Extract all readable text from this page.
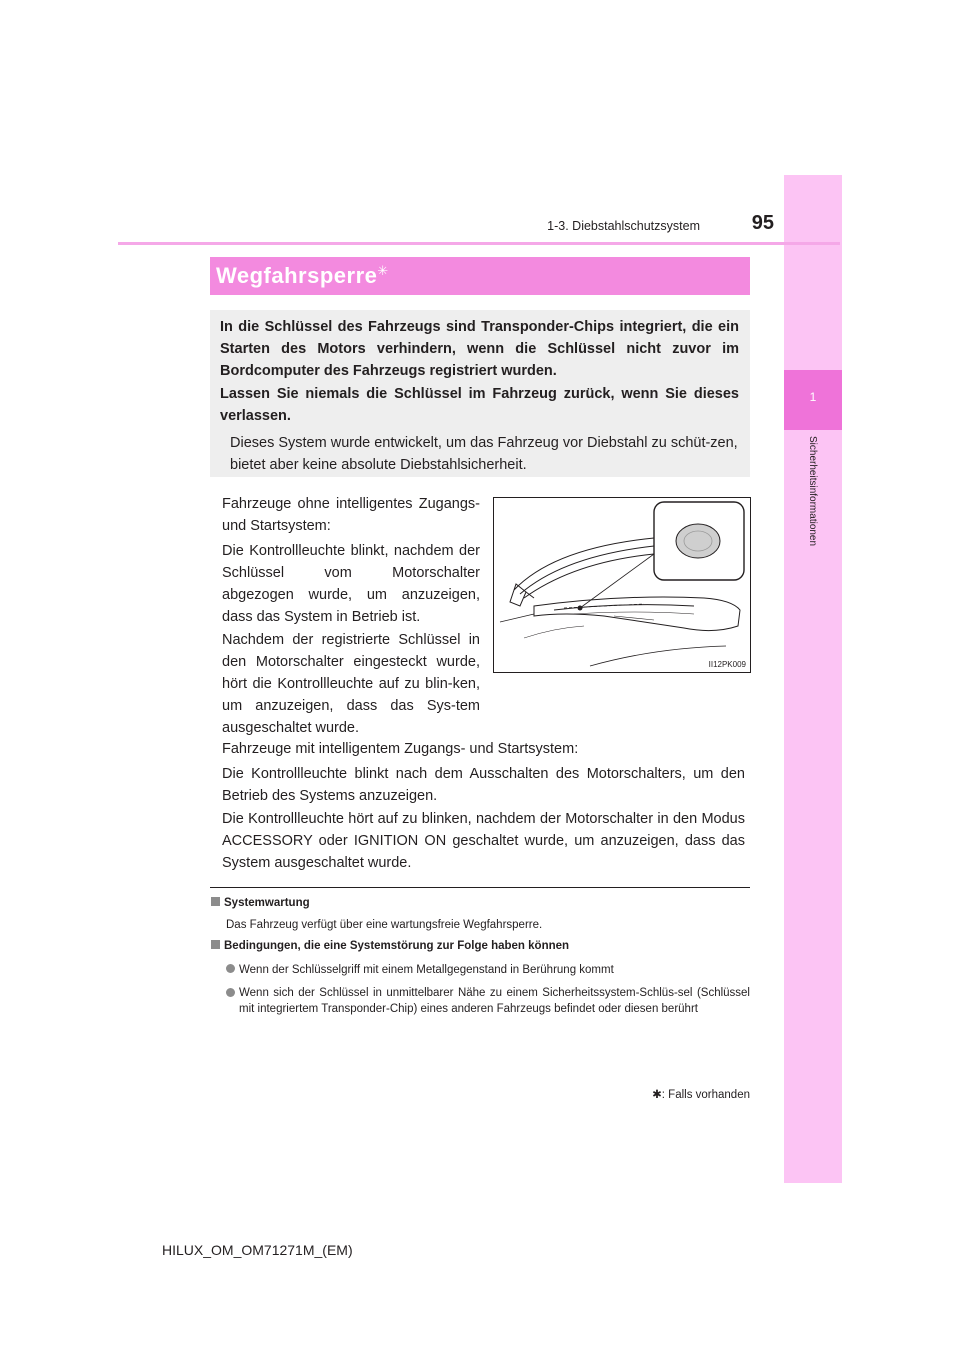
1
Sicherheitsinformationen
1-3. Diebstahlschutzsystem	95
Wegfahrsperre✳
In die Schlüssel des Fahrzeugs sind Transponder-Chips integriert, die ein Starten des Motors verhindern, wenn die Schlüssel nicht zuvor im Bordcomputer des Fahrzeugs registriert wurden.
Lassen Sie niemals die Schlüssel im Fahrzeug zurück, wenn Sie dieses verlassen.
Dieses System wurde entwickelt, um das Fahrzeug vor Diebstahl zu schüt-zen, bietet aber keine absolute Diebstahlsicherheit.
Fahrzeuge ohne intelligentes Zugangs- und Startsystem:
Die Kontrollleuchte blinkt, nachdem der Schlüssel vom Motorschalter abgezogen wurde, um anzuzeigen, dass das System in Betrieb ist.
Nachdem der registrierte Schlüssel in den Motorschalter eingesteckt wurde, hört die Kontrollleuchte auf zu blin-ken, um anzuzeigen, dass das Sys-tem ausgeschaltet wurde.
II12PK009
Fahrzeuge mit intelligentem Zugangs- und Startsystem:
Die Kontrollleuchte blinkt nach dem Ausschalten des Motorschalters, um den Betrieb des Systems anzuzeigen.
Die Kontrollleuchte hört auf zu blinken, nachdem der Motorschalter in den Modus ACCESSORY oder IGNITION ON geschaltet wurde, um anzuzeigen, dass das System ausgeschaltet wurde.
Systemwartung
Das Fahrzeug verfügt über eine wartungsfreie Wegfahrsperre.
Bedingungen, die eine Systemstörung zur Folge haben können
Wenn der Schlüsselgriff mit einem Metallgegenstand in Berührung kommt
Wenn sich der Schlüssel in unmittelbarer Nähe zu einem Sicherheitssystem-Schlüs-sel (Schlüssel mit integriertem Transponder-Chip) eines anderen Fahrzeugs befindet oder diesen berührt
✱: Falls vorhanden
HILUX_OM_OM71271M_(EM)
